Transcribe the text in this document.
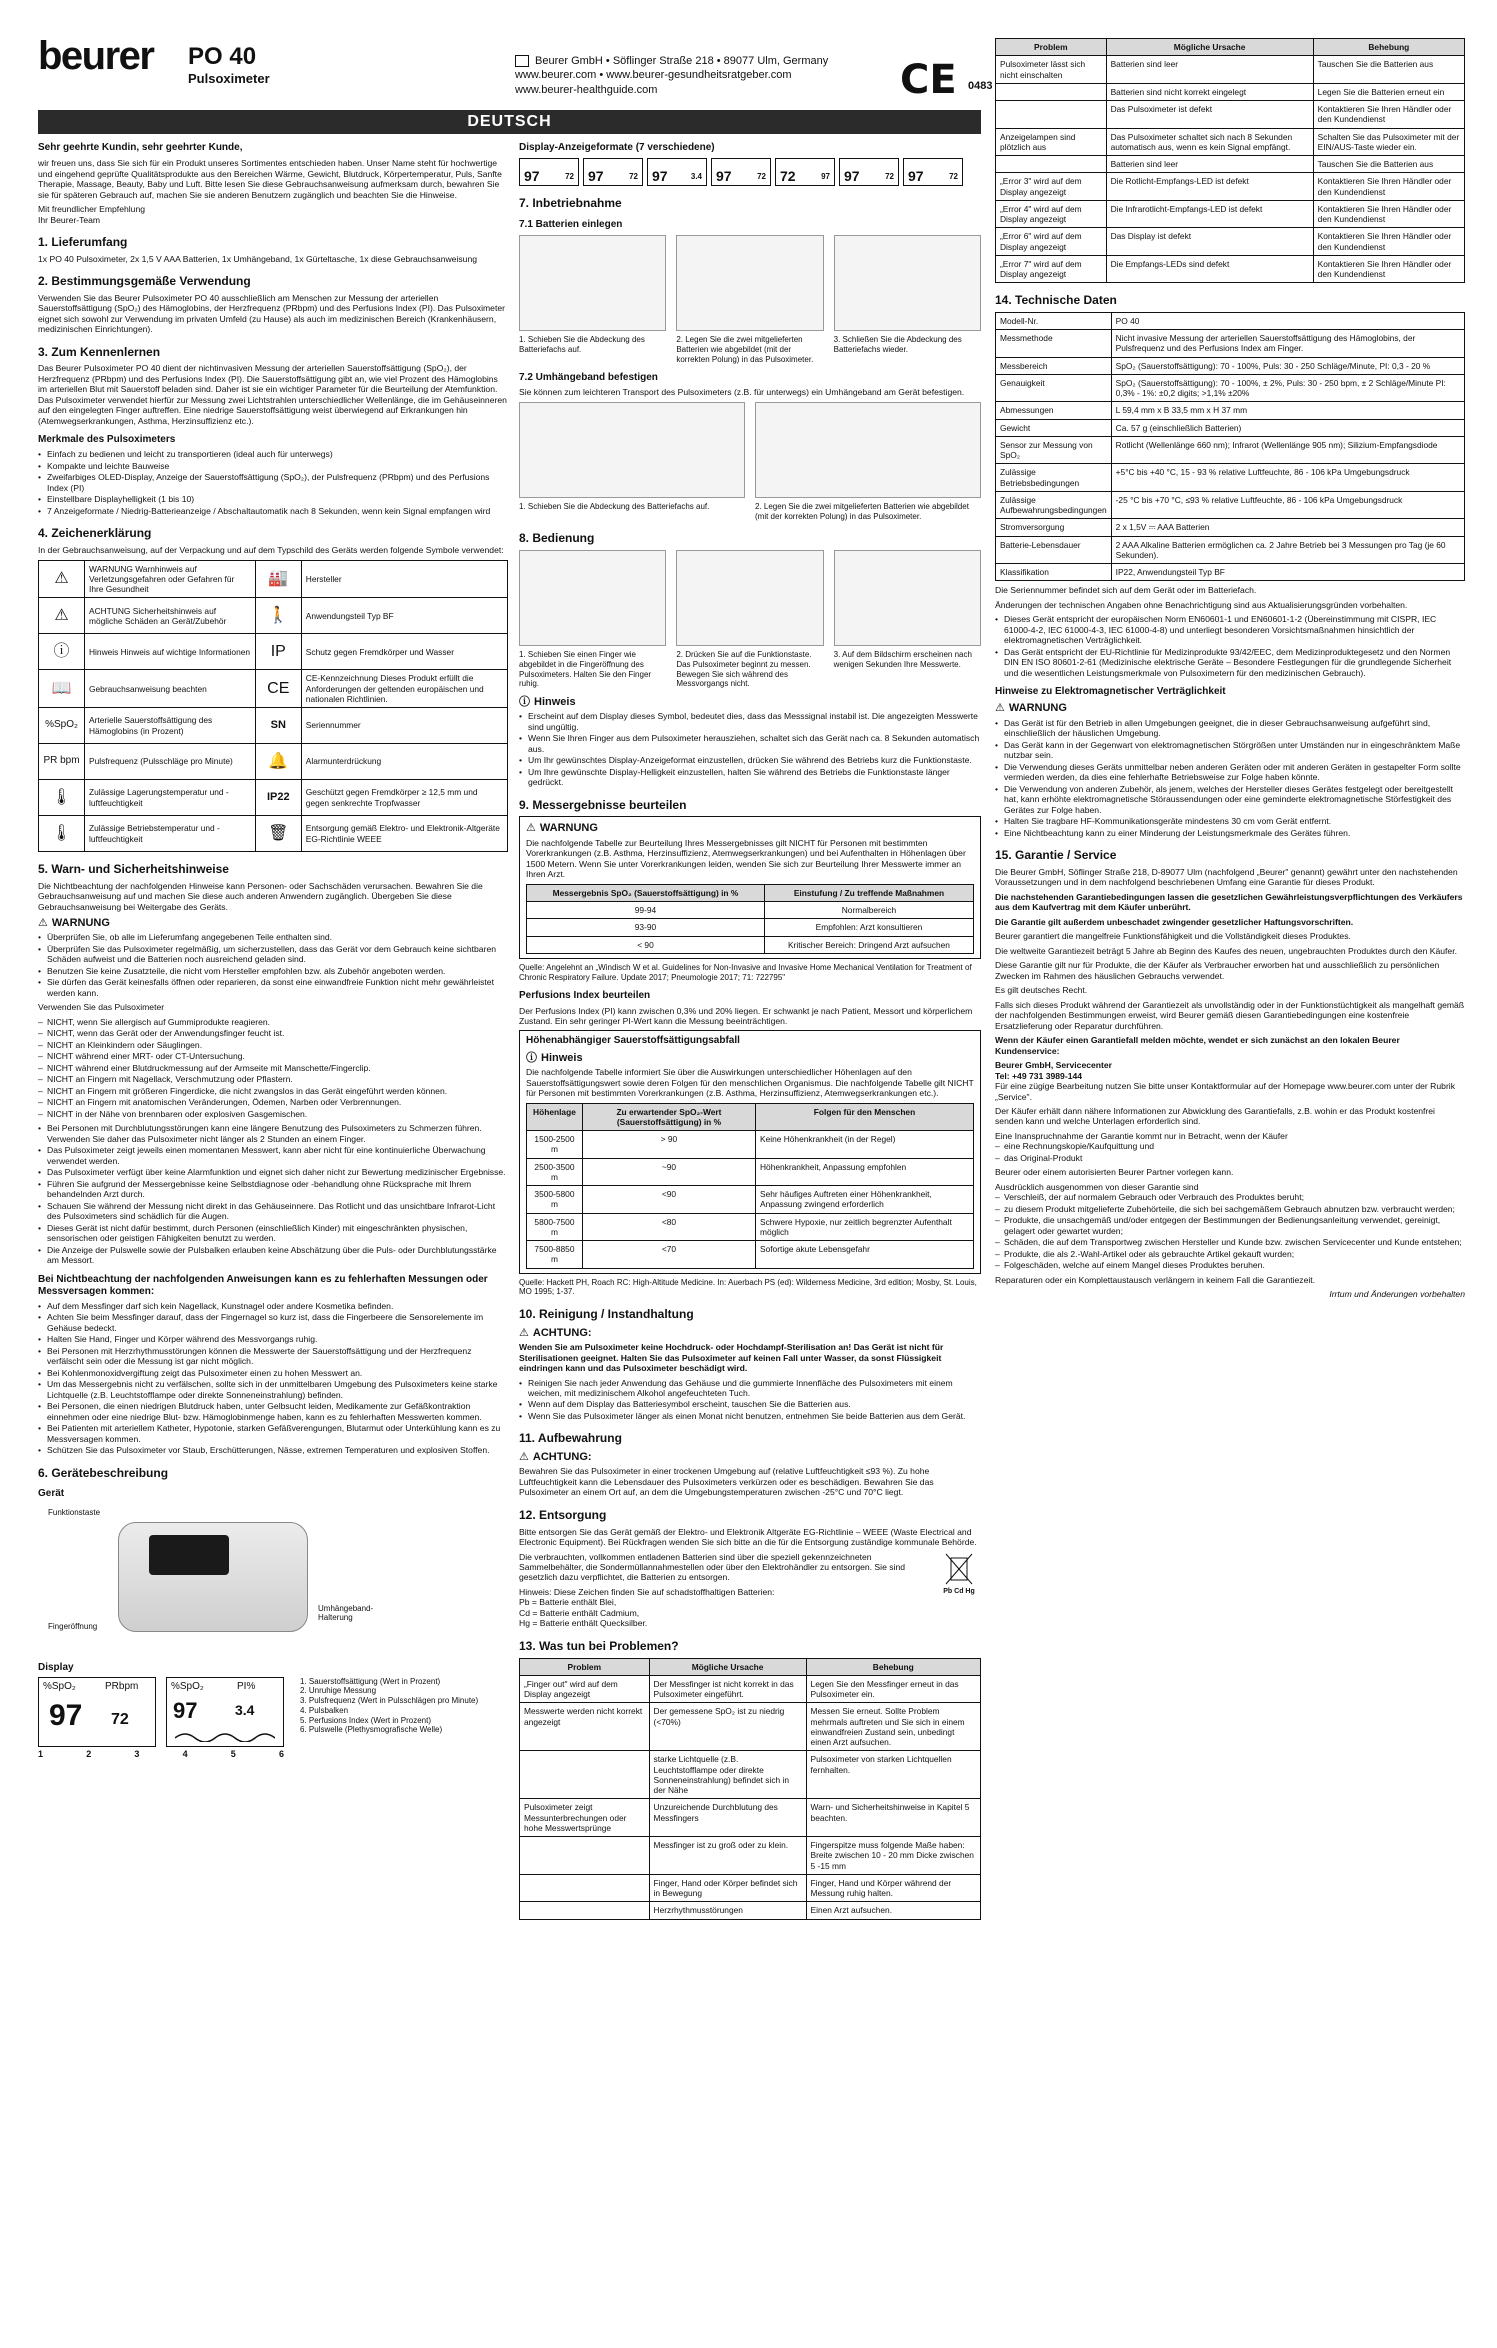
beurer PO 40
Pulsoximeter
Beurer GmbH • Söflinger Straße 218 • 89077 Ulm, Germany
www.beurer.com • www.beurer-gesundheitsratgeber.com
www.beurer-healthguide.com	CE 0483
DEUTSCH

Sehr geehrte Kundin, sehr geehrter Kunde,

wir freuen uns, dass Sie sich für ein Produkt unseres Sortimentes entschieden haben. Unser Name steht für hochwertige und eingehend geprüfte Qualitätsprodukte aus den Bereichen Wärme, Gewicht, Blutdruck, Körpertemperatur, Puls, Sanfte Therapie, Massage, Beauty, Baby und Luft. Bitte lesen Sie diese Gebrauchsanweisung aufmerksam durch, bewahren Sie sie für späteren Gebrauch auf, machen Sie sie anderen Benutzern zugänglich und beachten Sie die Hinweise.

Mit freundlicher Empfehlung

Ihr Beurer-Team

1. Lieferumfang

1x PO 40 Pulsoximeter, 2x 1,5 V AAA Batterien, 1x Umhängeband, 1x Gürteltasche, 1x diese Gebrauchsanweisung

2. Bestimmungsgemäße Verwendung

Verwenden Sie das Beurer Pulsoximeter PO 40 ausschließlich am Menschen zur Messung der arteriellen Sauerstoffsättigung (SpO₂) des Hämoglobins, der Herzfrequenz (PRbpm) und des Perfusions Index (PI). Das Pulsoximeter eignet sich sowohl zur Verwendung im privaten Umfeld (zu Hause) als auch im medizinischen Bereich (Krankenhäusern, medizinischen Einrichtungen).

3. Zum Kennenlernen

Das Beurer Pulsoximeter PO 40 dient der nichtinvasiven Messung der arteriellen Sauerstoffsättigung (SpO₂), der Herzfrequenz (PRbpm) und des Perfusions Index (PI). Die Sauerstoffsättigung gibt an, wie viel Prozent des Hämoglobins im arteriellen Blut mit Sauerstoff beladen sind. Daher ist sie ein wichtiger Parameter für die Beurteilung der Atemfunktion. Das Pulsoximeter verwendet hierfür zur Messung zwei Lichtstrahlen unterschiedlicher Wellenlänge, die im Gehäuseinneren auf den eingelegten Finger auftreffen. Eine niedrige Sauerstoffsättigung weist überwiegend auf Erkrankungen hin (Atemwegserkrankungen, Asthma, Herzinsuffizienz etc.).

Merkmale des Pulsoximeters
• Einfach zu bedienen und leicht zu transportieren (ideal auch für unterwegs)
• Kompakte und leichte Bauweise
• Zweifarbiges OLED-Display, Anzeige der Sauerstoffsättigung (SpO₂), der Pulsfrequenz (PRbpm) und des Perfusions Index (PI)
• Einstellbare Displayhelligkeit (1 bis 10)
• 7 Anzeigeformate / Niedrig-Batterieanzeige / Abschaltautomatik nach 8 Sekunden, wenn kein Signal empfangen wird
4. Zeichenerklärung

In der Gebrauchsanweisung, auf der Verpackung und auf dem Typschild des Geräts werden folgende Symbole verwendet:

⚠	WARNUNG Warnhinweis auf Verletzungsgefahren oder Gefahren für Ihre Gesundheit	🏭	Hersteller
⚠	ACHTUNG Sicherheitshinweis auf mögliche Schäden an Gerät/Zubehör	🚶	Anwendungsteil Typ BF
ⓘ	Hinweis Hinweis auf wichtige Informationen	IP	Schutz gegen Fremdkörper und Wasser
📖	Gebrauchsanweisung beachten	CE	CE-Kennzeichnung Dieses Produkt erfüllt die Anforderungen der geltenden europäischen und nationalen Richtlinien.
%SpO₂	Arterielle Sauerstoffsättigung des Hämoglobins (in Prozent)	SN	Seriennummer
PR bpm	Pulsfrequenz (Pulsschläge pro Minute)	🔔	Alarmunterdrückung
🌡	Zulässige Lagerungstemperatur und -luftfeuchtigkeit	IP22	Geschützt gegen Fremdkörper ≥ 12,5 mm und gegen senkrechte Tropfwasser
🌡	Zulässige Betriebstemperatur und -luftfeuchtigkeit	🗑	Entsorgung gemäß Elektro- und Elektronik-Altgeräte EG-Richtlinie WEEE
5. Warn- und Sicherheitshinweise

Die Nichtbeachtung der nachfolgenden Hinweise kann Personen- oder Sachschäden verursachen. Bewahren Sie die Gebrauchsanweisung auf und machen Sie diese auch anderen Anwendern zugänglich. Übergeben Sie diese Gebrauchsanweisung bei Weitergabe des Geräts.

⚠ WARNUNG
• Überprüfen Sie, ob alle im Lieferumfang angegebenen Teile enthalten sind.
• Überprüfen Sie das Pulsoximeter regelmäßig, um sicherzustellen, dass das Gerät vor dem Gebrauch keine sichtbaren Schäden aufweist und die Batterien noch ausreichend geladen sind.
• Benutzen Sie keine Zusatzteile, die nicht vom Hersteller empfohlen bzw. als Zubehör angeboten werden.
• Sie dürfen das Gerät keinesfalls öffnen oder reparieren, da sonst eine einwandfreie Funktion nicht mehr gewährleistet werden kann.

Verwenden Sie das Pulsoximeter

– NICHT, wenn Sie allergisch auf Gummiprodukte reagieren.
– NICHT, wenn das Gerät oder der Anwendungsfinger feucht ist.
– NICHT an Kleinkindern oder Säuglingen.
– NICHT während einer MRT- oder CT-Untersuchung.
– NICHT während einer Blutdruckmessung auf der Armseite mit Manschette/Fingerclip.
– NICHT an Fingern mit Nagellack, Verschmutzung oder Pflastern.
– NICHT an Fingern mit größeren Fingerdicke, die nicht zwangslos in das Gerät eingeführt werden können.
– NICHT an Fingern mit anatomischen Veränderungen, Ödemen, Narben oder Verbrennungen.
– NICHT in der Nähe von brennbaren oder explosiven Gasgemischen.
• Bei Personen mit Durchblutungsstörungen kann eine längere Benutzung des Pulsoximeters zu Schmerzen führen. Verwenden Sie daher das Pulsoximeter nicht länger als 2 Stunden an einem Finger.
• Das Pulsoximeter zeigt jeweils einen momentanen Messwert, kann aber nicht für eine kontinuierliche Überwachung verwendet werden.
• Das Pulsoximeter verfügt über keine Alarmfunktion und eignet sich daher nicht zur Bewertung medizinischer Ergebnisse.
• Führen Sie aufgrund der Messergebnisse keine Selbstdiagnose oder -behandlung ohne Rücksprache mit Ihrem behandelnden Arzt durch.
• Schauen Sie während der Messung nicht direkt in das Gehäuseinnere. Das Rotlicht und das unsichtbare Infrarot-Licht des Pulsoximeters sind schädlich für die Augen.
• Dieses Gerät ist nicht dafür bestimmt, durch Personen (einschließlich Kinder) mit eingeschränkten physischen, sensorischen oder geistigen Fähigkeiten benutzt zu werden.
• Die Anzeige der Pulswelle sowie der Pulsbalken erlauben keine Abschätzung über die Puls- oder Durchblutungsstärke am Messort.
Bei Nichtbeachtung der nachfolgenden Anweisungen kann es zu fehlerhaften Messungen oder Messversagen kommen:
• Auf dem Messfinger darf sich kein Nagellack, Kunstnagel oder andere Kosmetika befinden.
• Achten Sie beim Messfinger darauf, dass der Fingernagel so kurz ist, dass die Fingerbeere die Sensorelemente im Gehäuse bedeckt.
• Halten Sie Hand, Finger und Körper während des Messvorgangs ruhig.
• Bei Personen mit Herzrhythmusstörungen können die Messwerte der Sauerstoffsättigung und der Herzfrequenz verfälscht sein oder die Messung ist gar nicht möglich.
• Bei Kohlenmonoxidvergiftung zeigt das Pulsoximeter einen zu hohen Messwert an.
• Um das Messergebnis nicht zu verfälschen, sollte sich in der unmittelbaren Umgebung des Pulsoximeters keine starke Lichtquelle (z.B. Leuchtstofflampe oder direkte Sonneneinstrahlung) befinden.
• Bei Personen, die einen niedrigen Blutdruck haben, unter Gelbsucht leiden, Medikamente zur Gefäßkontraktion einnehmen oder eine niedrige Blut- bzw. Hämoglobinmenge haben, kann es zu fehlerhaften Messwerten kommen.
• Bei Patienten mit arteriellem Katheter, Hypotonie, starken Gefäßverengungen, Blutarmut oder Unterkühlung kann es zu Messversagen kommen.
• Schützen Sie das Pulsoximeter vor Staub, Erschütterungen, Nässe, extremen Temperaturen und explosiven Stoffen.
6. Gerätebeschreibung
Gerät
Funktionstaste
Fingeröffnung
Umhängeband-Halterung
Display
%SpO₂	PRbpm
97 72
%SpO₂	PI%
97	3.4
1	2	3	4	5	6
1. Sauerstoffsättigung (Wert in Prozent)
2. Unruhige Messung
3. Pulsfrequenz (Wert in Pulsschlägen pro Minute)
4. Pulsbalken
5. Perfusions Index (Wert in Prozent)
6. Pulswelle (Plethysmografische Welle)
Display-Anzeigeformate (7 verschiedene)
97	72 97	72 97	3.4 97	72 72	97 97	72 97	72
7. Inbetriebnahme
7.1 Batterien einlegen
1. Schieben Sie die Abdeckung des Batteriefachs auf.
2. Legen Sie die zwei mitgelieferten Batterien wie abgebildet (mit der korrekten Polung) in das Pulsoximeter.
3. Schließen Sie die Abdeckung des Batteriefachs wieder.
7.2 Umhängeband befestigen

Sie können zum leichteren Transport des Pulsoximeters (z.B. für unterwegs) ein Umhängeband am Gerät befestigen.

1. Schieben Sie die Abdeckung des Batteriefachs auf.	2. Legen Sie die zwei mitgelieferten Batterien wie abgebildet (mit der korrekten Polung) in das Pulsoximeter.
8. Bedienung
1. Schieben Sie einen Finger wie abgebildet in die Fingeröffnung des Pulsoximeters. Halten Sie den Finger ruhig.
2. Drücken Sie auf die Funktionstaste. Das Pulsoximeter beginnt zu messen. Bewegen Sie sich während des Messvorgangs nicht.
3. Auf dem Bildschirm erscheinen nach wenigen Sekunden Ihre Messwerte.
ⓘ Hinweis
• Erscheint auf dem Display dieses Symbol, bedeutet dies, dass das Messsignal instabil ist. Die angezeigten Messwerte sind ungültig.
• Wenn Sie Ihren Finger aus dem Pulsoximeter herausziehen, schaltet sich das Gerät nach ca. 8 Sekunden automatisch aus.
• Um Ihr gewünschtes Display-Anzeigeformat einzustellen, drücken Sie während des Betriebs kurz die Funktionstaste.
• Um Ihre gewünschte Display-Helligkeit einzustellen, halten Sie während des Betriebs die Funktionstaste länger gedrückt.
9. Messergebnisse beurteilen
⚠ WARNUNG

Die nachfolgende Tabelle zur Beurteilung Ihres Messergebnisses gilt NICHT für Personen mit bestimmten Vorerkrankungen (z.B. Asthma, Herzinsuffizienz, Atemwegserkrankungen) und bei Aufenthalten in Höhenlagen über 1500 Metern. Wenn Sie unter Vorerkrankungen leiden, wenden Sie sich zur Beurteilung Ihrer Messwerte immer an Ihren Arzt.

Messergebnis SpO₂ (Sauerstoffsättigung) in %	Einstufung / Zu treffende Maßnahmen
99-94	Normalbereich
93-90	Empfohlen: Arzt konsultieren
< 90	Kritischer Bereich: Dringend Arzt aufsuchen

Quelle: Angelehnt an „Windisch W et al. Guidelines for Non-Invasive and Invasive Home Mechanical Ventilation for Treatment of Chronic Respiratory Failure. Update 2017; Pneumologie 2017; 71: 722795"

Perfusions Index beurteilen

Der Perfusions Index (PI) kann zwischen 0,3% und 20% liegen. Er schwankt je nach Patient, Messort und körperlichem Zustand. Ein sehr geringer PI-Wert kann die Messung beeinträchtigen.

Höhenabhängiger Sauerstoffsättigungsabfall
ⓘ Hinweis

Die nachfolgende Tabelle informiert Sie über die Auswirkungen unterschiedlicher Höhenlagen auf den Sauerstoffsättigungswert sowie deren Folgen für den menschlichen Organismus. Die nachfolgende Tabelle gilt NICHT für Personen mit bestimmten Vorerkrankungen (z.B. Asthma, Herzinsuffizienz, Atemwegserkrankungen etc.).

Höhenlage	Zu erwartender SpO₂-Wert (Sauerstoffsättigung) in %	Folgen für den Menschen
1500-2500 m	> 90	Keine Höhenkrankheit (in der Regel)
2500-3500 m	~90	Höhenkrankheit, Anpassung empfohlen
3500-5800 m	<90	Sehr häufiges Auftreten einer Höhenkrankheit, Anpassung zwingend erforderlich
5800-7500 m	<80	Schwere Hypoxie, nur zeitlich begrenzter Aufenthalt möglich
7500-8850 m	<70	Sofortige akute Lebensgefahr

Quelle: Hackett PH, Roach RC: High-Altitude Medicine. In: Auerbach PS (ed): Wilderness Medicine, 3rd edition; Mosby, St. Louis, MO 1995; 1-37.

10. Reinigung / Instandhaltung
⚠ ACHTUNG:

Wenden Sie am Pulsoximeter keine Hochdruck- oder Hochdampf-Sterilisation an! Das Gerät ist nicht für Sterilisationen geeignet. Halten Sie das Pulsoximeter auf keinen Fall unter Wasser, da sonst Flüssigkeit eindringen kann und das Pulsoximeter beschädigt wird.

• Reinigen Sie nach jeder Anwendung das Gehäuse und die gummierte Innenfläche des Pulsoximeters mit einem weichen, mit medizinischem Alkohol angefeuchteten Tuch.
• Wenn auf dem Display das Batteriesymbol erscheint, tauschen Sie die Batterien aus.
• Wenn Sie das Pulsoximeter länger als einen Monat nicht benutzen, entnehmen Sie beide Batterien aus dem Gerät.
11. Aufbewahrung
⚠ ACHTUNG:

Bewahren Sie das Pulsoximeter in einer trockenen Umgebung auf (relative Luftfeuchtigkeit ≤93 %). Zu hohe Luftfeuchtigkeit kann die Lebensdauer des Pulsoximeters verkürzen oder es beschädigen. Bewahren Sie das Pulsoximeter an einem Ort auf, an dem die Umgebungstemperaturen zwischen -25°C und 70°C liegt.

12. Entsorgung

Bitte entsorgen Sie das Gerät gemäß der Elektro- und Elektronik Altgeräte EG-Richtlinie – WEEE (Waste Electrical and Electronic Equipment). Bei Rückfragen wenden Sie sich bitte an die für die Entsorgung zuständige kommunale Behörde.

Die verbrauchten, vollkommen entladenen Batterien sind über die speziell gekennzeichneten Sammelbehälter, die Sondermüllannahmestellen oder über den Elektrohändler zu entsorgen. Sie sind gesetzlich dazu verpflichtet, die Batterien zu entsorgen.

Hinweis: Diese Zeichen finden Sie auf schadstoffhaltigen Batterien:
Pb = Batterie enthält Blei,
Cd = Batterie enthält Cadmium,
Hg = Batterie enthält Quecksilber.
Pb Cd Hg
13. Was tun bei Problemen?
Problem	Mögliche Ursache	Behebung
„Finger out" wird auf dem Display angezeigt	Der Messfinger ist nicht korrekt in das Pulsoximeter eingeführt.	Legen Sie den Messfinger erneut in das Pulsoximeter ein.
Messwerte werden nicht korrekt angezeigt	Der gemessene SpO₂ ist zu niedrig (<70%)	Messen Sie erneut. Sollte Problem mehrmals auftreten und Sie sich in einem einwandfreien Zustand sein, unbedingt einen Arzt aufsuchen.
	starke Lichtquelle (z.B. Leuchtstofflampe oder direkte Sonneneinstrahlung) befindet sich in der Nähe	Pulsoximeter von starken Lichtquellen fernhalten.
Pulsoximeter zeigt Messunterbrechungen oder hohe Messwertsprünge	Unzureichende Durchblutung des Messfingers	Warn- und Sicherheitshinweise in Kapitel 5 beachten.
	Messfinger ist zu groß oder zu klein.	Fingerspitze muss folgende Maße haben: Breite zwischen 10 - 20 mm Dicke zwischen 5 -15 mm
	Finger, Hand oder Körper befindet sich in Bewegung	Finger, Hand und Körper während der Messung ruhig halten.
	Herzrhythmusstörungen	Einen Arzt aufsuchen.
Problem	Mögliche Ursache	Behebung
Pulsoximeter lässt sich nicht einschalten	Batterien sind leer	Tauschen Sie die Batterien aus
	Batterien sind nicht korrekt eingelegt	Legen Sie die Batterien erneut ein
	Das Pulsoximeter ist defekt	Kontaktieren Sie Ihren Händler oder den Kundendienst
Anzeigelampen sind plötzlich aus	Das Pulsoximeter schaltet sich nach 8 Sekunden automatisch aus, wenn es kein Signal empfängt.	Schalten Sie das Pulsoximeter mit der EIN/AUS-Taste wieder ein.
	Batterien sind leer	Tauschen Sie die Batterien aus
„Error 3" wird auf dem Display angezeigt	Die Rotlicht-Empfangs-LED ist defekt	Kontaktieren Sie Ihren Händler oder den Kundendienst
„Error 4" wird auf dem Display angezeigt	Die Infrarotlicht-Empfangs-LED ist defekt	Kontaktieren Sie Ihren Händler oder den Kundendienst
„Error 6" wird auf dem Display angezeigt	Das Display ist defekt	Kontaktieren Sie Ihren Händler oder den Kundendienst
„Error 7" wird auf dem Display angezeigt	Die Empfangs-LEDs sind defekt	Kontaktieren Sie Ihren Händler oder den Kundendienst
14. Technische Daten
Modell-Nr.	PO 40
Messmethode	Nicht invasive Messung der arteriellen Sauerstoffsättigung des Hämoglobins, der Pulsfrequenz und des Perfusions Index am Finger.
Messbereich	SpO₂ (Sauerstoffsättigung): 70 - 100%, Puls: 30 - 250 Schläge/Minute, PI: 0,3 - 20 %
Genauigkeit	SpO₂ (Sauerstoffsättigung): 70 - 100%, ± 2%, Puls: 30 - 250 bpm, ± 2 Schläge/Minute PI: 0,3% - 1%: ±0,2 digits; >1,1% ±20%
Abmessungen	L 59,4 mm x B 33,5 mm x H 37 mm
Gewicht	Ca. 57 g (einschließlich Batterien)
Sensor zur Messung von SpO₂	Rotlicht (Wellenlänge 660 nm); Infrarot (Wellenlänge 905 nm); Silizium-Empfangsdiode
Zulässige Betriebsbedingungen	+5°C bis +40 °C, 15 - 93 % relative Luftfeuchte, 86 - 106 kPa Umgebungsdruck
Zulässige Aufbewahrungsbedingungen	-25 °C bis +70 °C, ≤93 % relative Luftfeuchte, 86 - 106 kPa Umgebungsdruck
Stromversorgung	2 x 1,5V ⎓ AAA Batterien
Batterie-Lebensdauer	2 AAA Alkaline Batterien ermöglichen ca. 2 Jahre Betrieb bei 3 Messungen pro Tag (je 60 Sekunden).
Klassifikation	IP22, Anwendungsteil Typ BF

Die Seriennummer befindet sich auf dem Gerät oder im Batteriefach.

Änderungen der technischen Angaben ohne Benachrichtigung sind aus Aktualisierungsgründen vorbehalten.

• Dieses Gerät entspricht der europäischen Norm EN60601-1 und EN60601-1-2 (Übereinstimmung mit CISPR, IEC 61000-4-2, IEC 61000-4-3, IEC 61000-4-8) und unterliegt besonderen Vorsichtsmaßnahmen hinsichtlich der elektromagnetischen Verträglichkeit.
• Das Gerät entspricht der EU-Richtlinie für Medizinprodukte 93/42/EEC, dem Medizinproduktegesetz und den Normen DIN EN ISO 80601-2-61 (Medizinische elektrische Geräte – Besondere Festlegungen für die grundlegende Sicherheit und die wesentlichen Leistungsmerkmale von Pulsoximetern für den medizinischen Gebrauch).
Hinweise zu Elektromagnetischer Verträglichkeit
⚠ WARNUNG
• Das Gerät ist für den Betrieb in allen Umgebungen geeignet, die in dieser Gebrauchsanweisung aufgeführt sind, einschließlich der häuslichen Umgebung.
• Das Gerät kann in der Gegenwart von elektromagnetischen Störgrößen unter Umständen nur in eingeschränktem Maße nutzbar sein.
• Die Verwendung dieses Geräts unmittelbar neben anderen Geräten oder mit anderen Geräten in gestapelter Form sollte vermieden werden, da dies eine fehlerhafte Betriebsweise zur Folge haben könnte.
• Die Verwendung von anderen Zubehör, als jenem, welches der Hersteller dieses Gerätes festgelegt oder bereitgestellt hat, kann erhöhte elektromagnetische Störaussendungen oder eine geminderte elektromagnetische Störfestigkeit des Gerätes zur Folge haben.
• Halten Sie tragbare HF-Kommunikationsgeräte mindestens 30 cm vom Gerät entfernt.
• Eine Nichtbeachtung kann zu einer Minderung der Leistungsmerkmale des Gerätes führen.
15. Garantie / Service

Die Beurer GmbH, Söflinger Straße 218, D-89077 Ulm (nachfolgend „Beurer" genannt) gewährt unter den nachstehenden Voraussetzungen und in dem nachfolgend beschriebenen Umfang eine Garantie für dieses Produkt.

Die nachstehenden Garantiebedingungen lassen die gesetzlichen Gewährleistungsverpflichtungen des Verkäufers aus dem Kaufvertrag mit dem Käufer unberührt.

Die Garantie gilt außerdem unbeschadet zwingender gesetzlicher Haftungsvorschriften.

Beurer garantiert die mangelfreie Funktionsfähigkeit und die Vollständigkeit dieses Produktes.

Die weltweite Garantiezeit beträgt 5 Jahre ab Beginn des Kaufes des neuen, ungebrauchten Produktes durch den Käufer.

Diese Garantie gilt nur für Produkte, die der Käufer als Verbraucher erworben hat und ausschließlich zu persönlichen Zwecken im Rahmen des häuslichen Gebrauchs verwendet.

Es gilt deutsches Recht.

Falls sich dieses Produkt während der Garantiezeit als unvollständig oder in der Funktionstüchtigkeit als mangelhaft gemäß der nachfolgenden Bestimmungen erweist, wird Beurer gemäß diesen Garantiebedingungen eine kostenfreie Ersatzlieferung oder Reparatur durchführen.

Wenn der Käufer einen Garantiefall melden möchte, wendet er sich zunächst an den lokalen Beurer Kundenservice:

Beurer GmbH, Servicecenter

Tel: +49 731 3989-144

Für eine zügige Bearbeitung nutzen Sie bitte unser Kontaktformular auf der Homepage www.beurer.com unter der Rubrik „Service".

Der Käufer erhält dann nähere Informationen zur Abwicklung des Garantiefalls, z.B. wohin er das Produkt kostenfrei senden kann und welche Unterlagen erforderlich sind.

Eine Inanspruchnahme der Garantie kommt nur in Betracht, wenn der Käufer

– eine Rechnungskopie/Kaufquittung und
– das Original-Produkt

Beurer oder einem autorisierten Beurer Partner vorlegen kann.

Ausdrücklich ausgenommen von dieser Garantie sind

– Verschleiß, der auf normalem Gebrauch oder Verbrauch des Produktes beruht;
– zu diesem Produkt mitgelieferte Zubehörteile, die sich bei sachgemäßem Gebrauch abnutzen bzw. verbraucht werden;
– Produkte, die unsachgemäß und/oder entgegen der Bestimmungen der Bedienungsanleitung verwendet, gereinigt, gelagert oder gewartet wurden;
– Schäden, die auf dem Transportweg zwischen Hersteller und Kunde bzw. zwischen Servicecenter und Kunde entstehen;
– Produkte, die als 2.-Wahl-Artikel oder als gebrauchte Artikel gekauft wurden;
– Folgeschäden, welche auf einem Mangel dieses Produktes beruhen.

Reparaturen oder ein Komplettaustausch verlängern in keinem Fall die Garantiezeit.

Irrtum und Änderungen vorbehalten
